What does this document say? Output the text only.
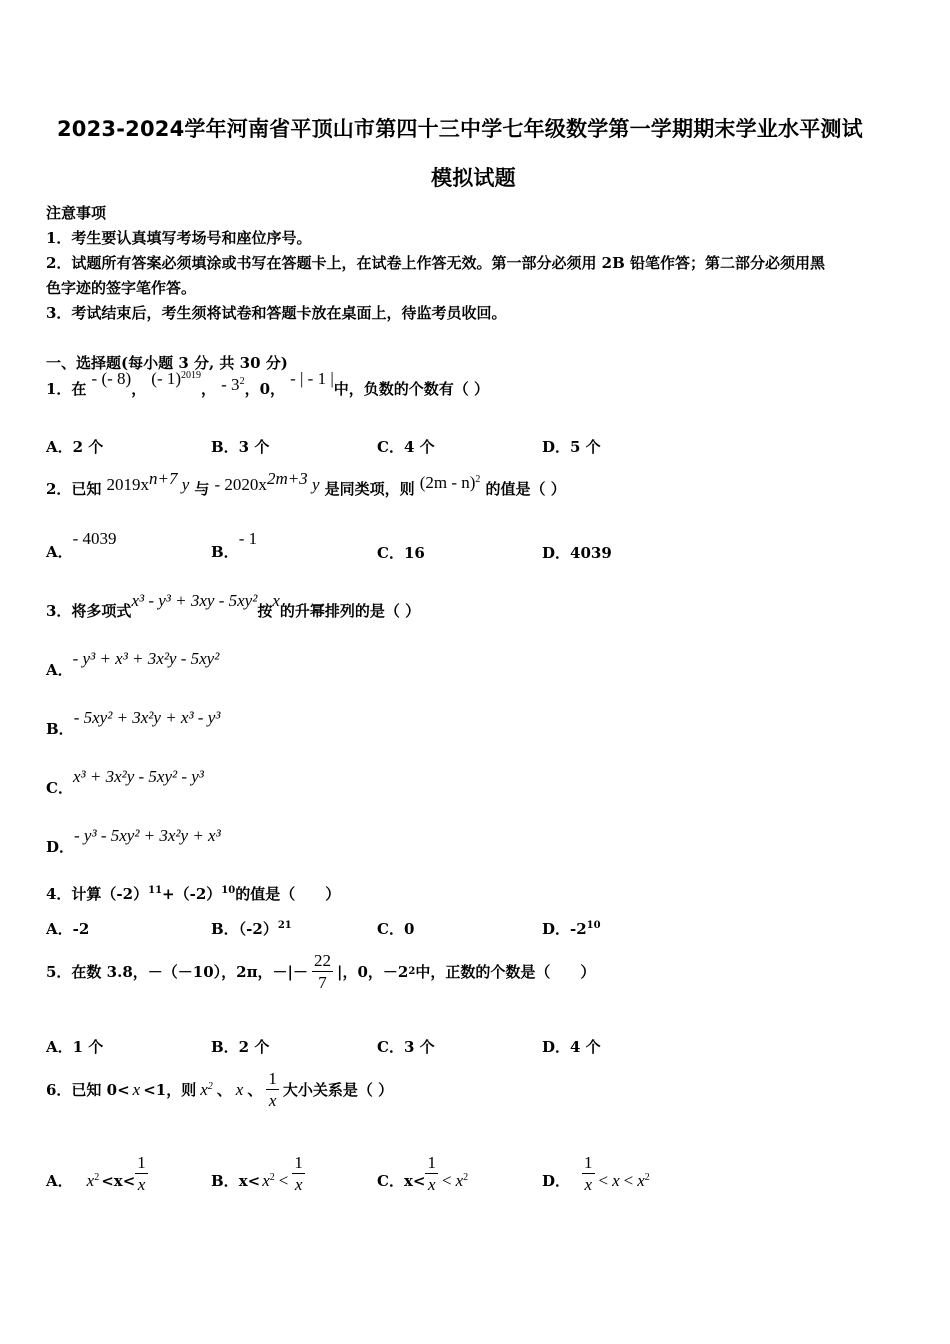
2023-2024学年河南省平顶山市第四十三中学七年级数学第一学期期末学业水平测试
模拟试题
注意事项
1．考生要认真填写考场号和座位序号。
2．试题所有答案必须填涂或书写在答题卡上，在试卷上作答无效。第一部分必须用 2B 铅笔作答；第二部分必须用黑
色字迹的签字笔作答。
3．考试结束后，考生须将试卷和答题卡放在桌面上，待监考员收回。
一、选择题(每小题 3 分, 共 30 分)
1．在 - (- 8)， (- 1)$^{2019}$， - $3^2$，0， - | - 1 |中，负数的个数有（ ）
A．2 个	B．3 个	C．4 个	D．5 个
2．已知 $2019x^{n+7}$ y 与 - $2020x^{2m+3}$ y 是同类项，则 (2m - n)$^2$ 的值是（ ）
A．- 4039
B．- 1
C．16	D．4039
3．将多项式x³ - y³ + 3xy - 5xy²按x的升幂排列的是（ ）
A．- y³ + x³ + 3x²y - 5xy²
B．- 5xy² + 3x²y + x³ - y³
C．x³ + 3x²y - 5xy² - y³
D．- y³ - 5xy² + 3x²y + x³
4．计算$(-2)^{11}+(-2)^{10}$的值是（　　）
A．-2	B．$(-2)^{21}$	C．0	D．$-2^{10}$
5．在数 3.8，－（－10），2π，－|－ $\frac{22}{7}$ |，0，－2 2 中，正数的个数是（　　）
A．1 个	B．2 个	C．3 个	D．4 个
6．已知 0< x <1，则 $x^2$ 、 x 、 $\frac{1}{x}$ 大小关系是（ ）
A． $x^2 <x< \frac{1}{x}$	B． $x< x^2 < \frac{1}{x}$	C． $x< \frac{1}{x} < x^2$	D． $\frac{1}{x} < x < x^2$
